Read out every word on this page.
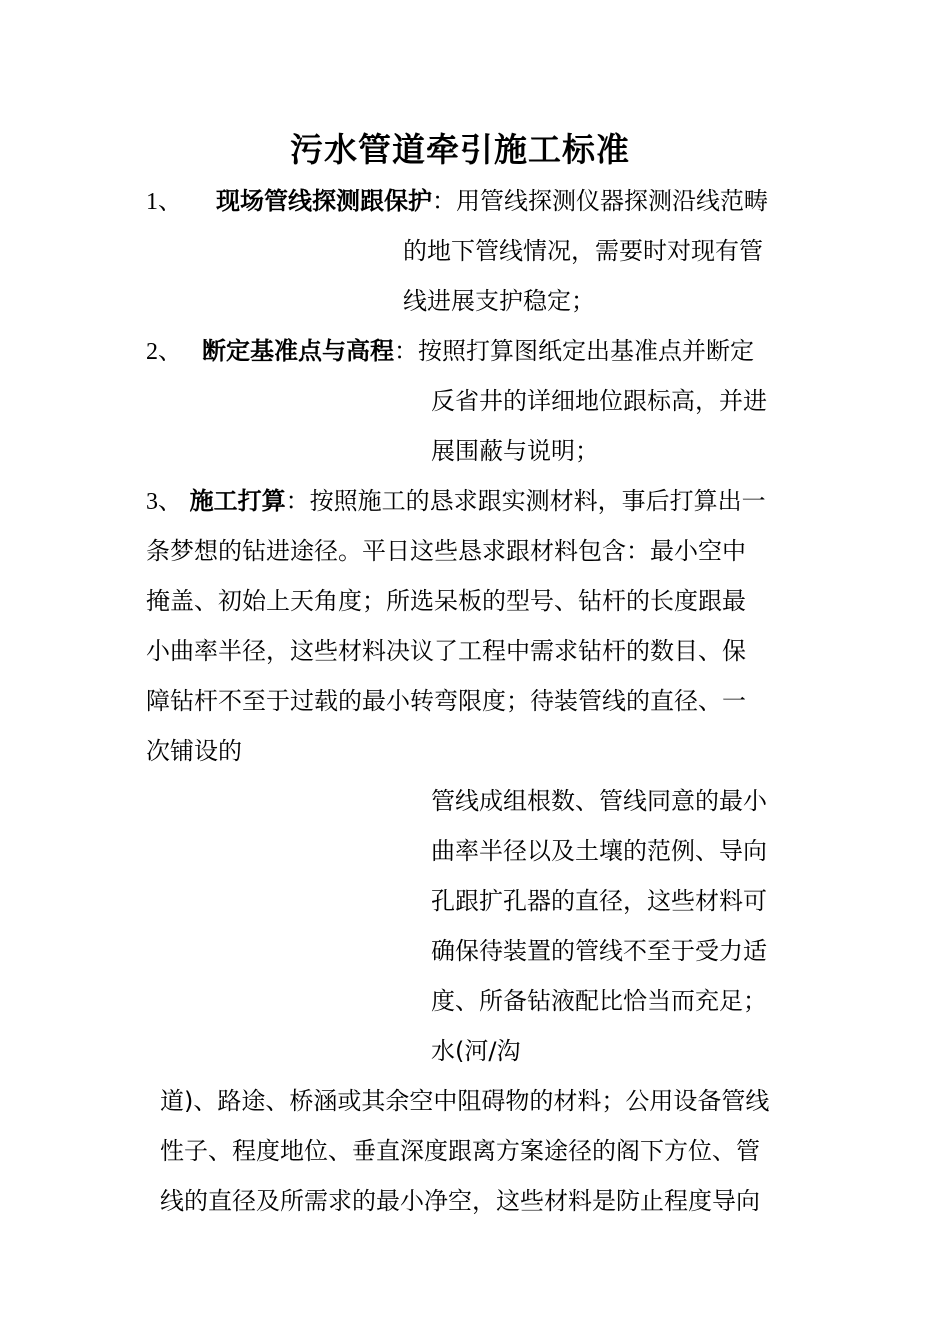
污水管道牵引施工标准
1、 现场管线探测跟保护：用管线探测仪器探测沿线范畴
的地下管线情况，需要时对现有管
线进展支护稳定；
2、 断定基准点与高程：按照打算图纸定出基准点并断定
反省井的详细地位跟标高，并进
展围蔽与说明；
3、 施工打算：按照施工的恳求跟实测材料，事后打算出一
条梦想的钻进途径。平日这些恳求跟材料包含：最小空中
掩盖、初始上天角度；所选呆板的型号、钻杆的长度跟最
小曲率半径，这些材料决议了工程中需求钻杆的数目、保
障钻杆不至于过载的最小转弯限度；待装管线的直径、一
次铺设的
管线成组根数、管线同意的最小
曲率半径以及土壤的范例、导向
孔跟扩孔器的直径，这些材料可
确保待装置的管线不至于受力适
度、所备钻液配比恰当而充足；
水(河/沟
道)、路途、桥涵或其余空中阻碍物的材料；公用设备管线
性子、程度地位、垂直深度跟离方案途径的阁下方位、管
线的直径及所需求的最小净空，这些材料是防止程度导向
